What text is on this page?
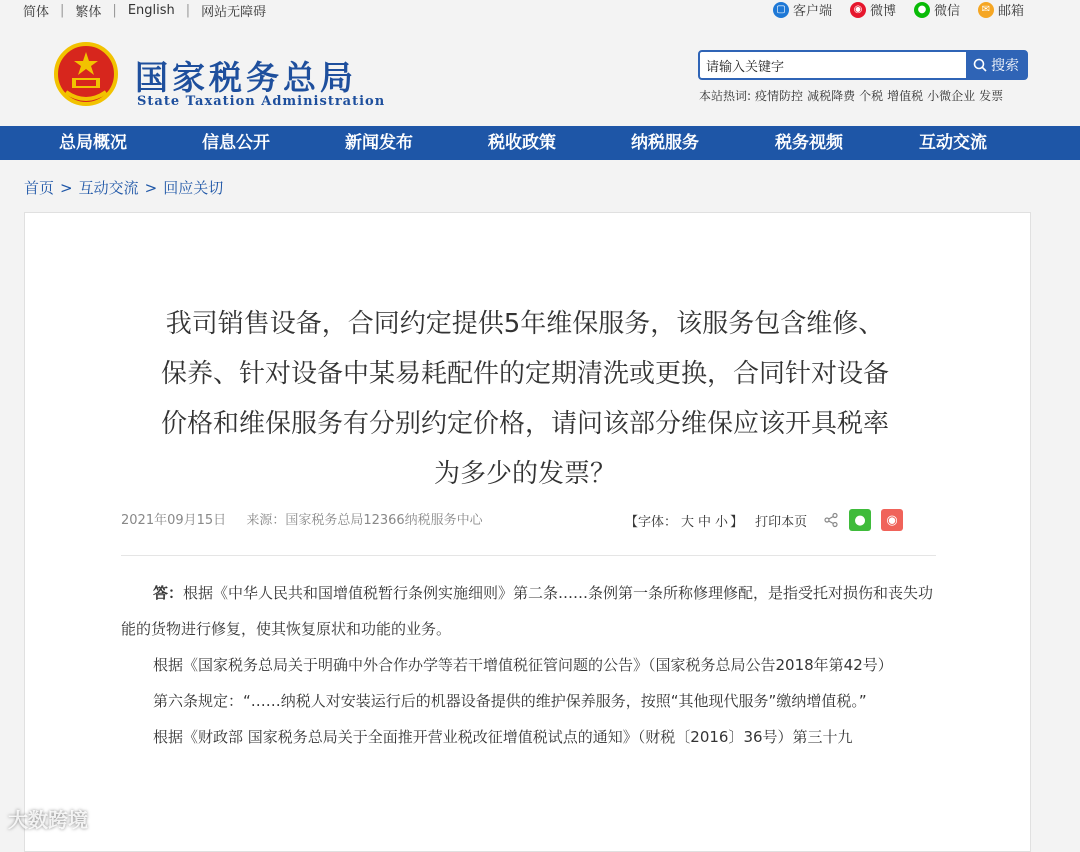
简体 | 繁体 | English | 网站无障碍	▢ 客户端	◉ 微博	● 微信	✉ 邮箱
国家税务总局
State Taxation Administration
请输入关键字
搜索
本站热词: 疫情防控 减税降费 个税 增值税 小微企业 发票
总局概况	信息公开	新闻发布	税收政策	纳税服务	税务视频	互动交流
首页 > 互动交流 > 回应关切
我司销售设备，合同约定提供5年维保服务，该服务包含维修、保养、针对设备中某易耗配件的定期清洗或更换，合同针对设备价格和维保服务有分别约定价格，请问该部分维保应该开具税率为多少的发票？
2021年09月15日 来源：国家税务总局12366纳税服务中心	【字体： 大 中 小 】 打印本页	●	◉

答：根据《中华人民共和国增值税暂行条例实施细则》第二条……条例第一条所称修理修配，是指受托对损伤和丧失功能的货物进行修复，使其恢复原状和功能的业务。

根据《国家税务总局关于明确中外合作办学等若干增值税征管问题的公告》（国家税务总局公告2018年第42号）

第六条规定：“……纳税人对安装运行后的机器设备提供的维护保养服务，按照“其他现代服务”缴纳增值税。”

根据《财政部 国家税务总局关于全面推开营业税改征增值税试点的通知》（财税〔2016〕36号）第三十九

大数跨境
